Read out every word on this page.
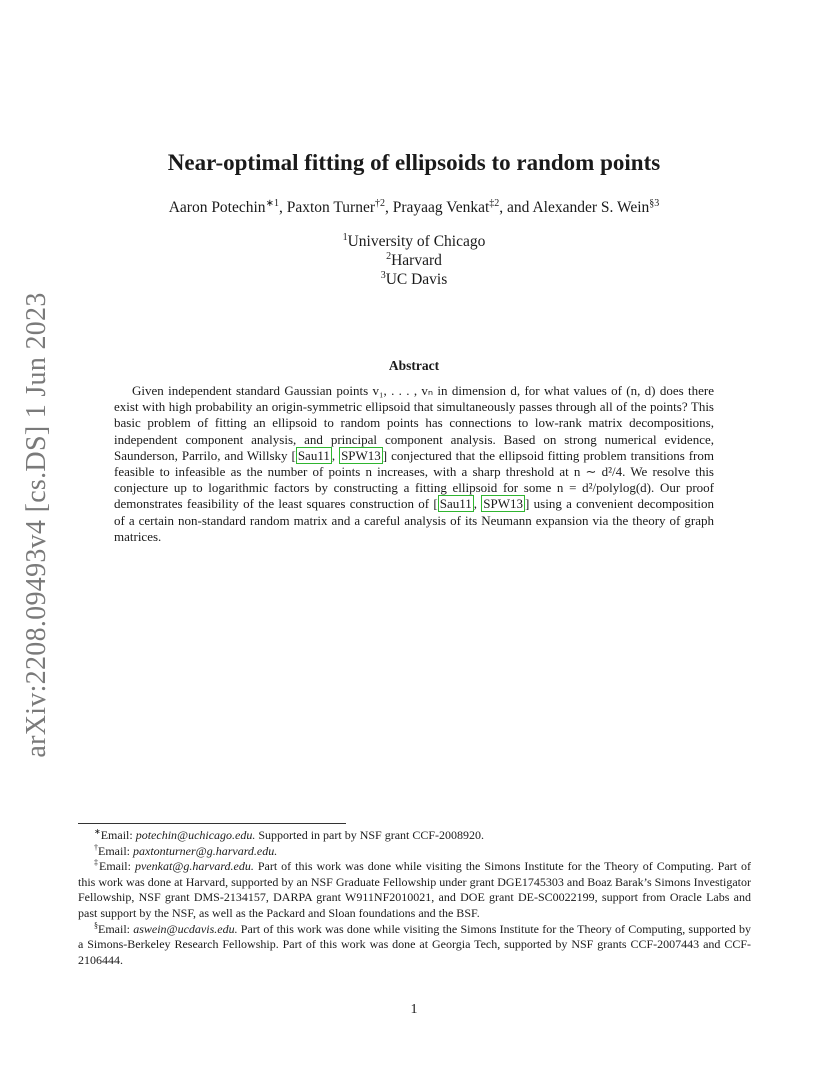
arXiv:2208.09493v4 [cs.DS] 1 Jun 2023
Near-optimal fitting of ellipsoids to random points
Aaron Potechin$^{∗1}$, Paxton Turner$^{\dagger 2}$, Prayaag Venkat$^{\ddagger 2}$, and Alexander S. Wein$^{\S 3}$
$^1$University of Chicago
$^2$Harvard
$^3$UC Davis
Abstract

Given independent standard Gaussian points v₁, . . . , vₙ in dimension d, for what values of (n, d) does there exist with high probability an origin-symmetric ellipsoid that simultaneously passes through all of the points? This basic problem of fitting an ellipsoid to random points has connections to low-rank matrix decompositions, independent component analysis, and principal component analysis. Based on strong numerical evidence, Saunderson, Parrilo, and Willsky [ Sau11 , SPW13 ] conjectured that the ellipsoid fitting problem transitions from feasible to infeasible as the number of points n increases, with a sharp threshold at n ∼ d²/4. We resolve this conjecture up to logarithmic factors by constructing a fitting ellipsoid for some n = d²/polylog(d). Our proof demonstrates feasibility of the least squares construction of [ Sau11 , SPW13 ] using a convenient decomposition of a certain non-standard random matrix and a careful analysis of its Neumann expansion via the theory of graph matrices.

∗Email: potechin@uchicago.edu. Supported in part by NSF grant CCF-2008920.

†Email: paxtonturner@g.harvard.edu.

‡Email: pvenkat@g.harvard.edu. Part of this work was done while visiting the Simons Institute for the Theory of Computing. Part of this work was done at Harvard, supported by an NSF Graduate Fellowship under grant DGE1745303 and Boaz Barak’s Simons Investigator Fellowship, NSF grant DMS-2134157, DARPA grant W911NF2010021, and DOE grant DE-SC0022199, support from Oracle Labs and past support by the NSF, as well as the Packard and Sloan foundations and the BSF.

§Email: aswein@ucdavis.edu. Part of this work was done while visiting the Simons Institute for the Theory of Computing, supported by a Simons-Berkeley Research Fellowship. Part of this work was done at Georgia Tech, supported by NSF grants CCF-2007443 and CCF-2106444.

1
